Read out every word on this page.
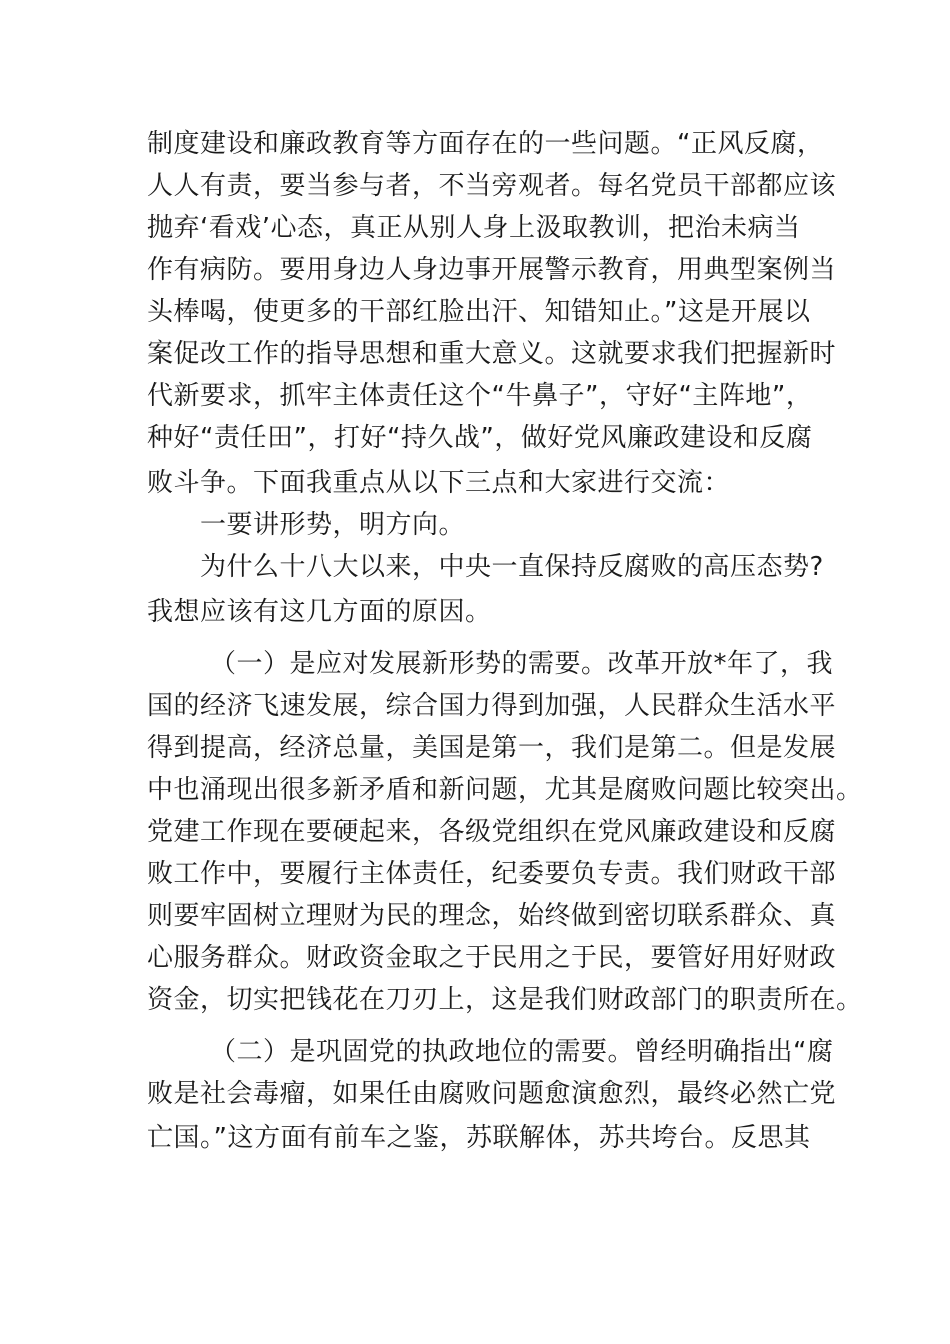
制度建设和廉政教育等方面存在的一些问题。“正风反腐，
人人有责，要当参与者，不当旁观者。每名党员干部都应该
抛弃‘看戏’心态，真正从别人身上汲取教训，把治未病当
作有病防。要用身边人身边事开展警示教育，用典型案例当
头棒喝，使更多的干部红脸出汗、知错知止。”这是开展以
案促改工作的指导思想和重大意义。这就要求我们把握新时
代新要求，抓牢主体责任这个“牛鼻子”，守好“主阵地”，
种好“责任田”，打好“持久战”，做好党风廉政建设和反腐
败斗争。下面我重点从以下三点和大家进行交流：
一要讲形势，明方向。
为什么十八大以来，中央一直保持反腐败的高压态势?
我想应该有这几方面的原因。
（一）是应对发展新形势的需要。改革开放*年了，我
国的经济飞速发展，综合国力得到加强，人民群众生活水平
得到提高，经济总量，美国是第一，我们是第二。但是发展
中也涌现出很多新矛盾和新问题，尤其是腐败问题比较突出。
党建工作现在要硬起来，各级党组织在党风廉政建设和反腐
败工作中，要履行主体责任，纪委要负专责。我们财政干部
则要牢固树立理财为民的理念，始终做到密切联系群众、真
心服务群众。财政资金取之于民用之于民，要管好用好财政
资金，切实把钱花在刀刃上，这是我们财政部门的职责所在。
（二）是巩固党的执政地位的需要。曾经明确指出“腐
败是社会毒瘤，如果任由腐败问题愈演愈烈，最终必然亡党
亡国。”这方面有前车之鉴，苏联解体，苏共垮台。反思其
